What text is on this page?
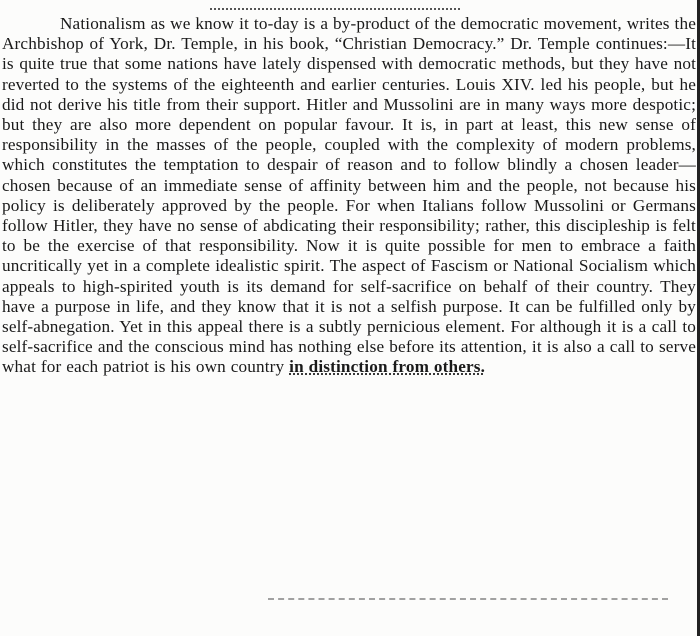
Nationalism as we know it to-day is a by-product of the democratic movement, writes the Archbishop of York, Dr. Temple, in his book, “Christian Democracy.” Dr. Temple continues:—It is quite true that some nations have lately dispensed with democratic methods, but they have not reverted to the systems of the eighteenth and earlier centuries. Louis XIV. led his people, but he did not derive his title from their support. Hitler and Mussolini are in many ways more despotic; but they are also more dependent on popular favour. It is, in part at least, this new sense of responsibility in the masses of the people, coupled with the complexity of modern problems, which constitutes the temptation to despair of reason and to follow blindly a chosen leader—chosen because of an immediate sense of affinity between him and the people, not because his policy is deliberately approved by the people. For when Italians follow Mussolini or Germans follow Hitler, they have no sense of abdicating their responsibility; rather, this discipleship is felt to be the exercise of that responsibility. Now it is quite possible for men to embrace a faith uncritically yet in a complete idealistic spirit. The aspect of Fascism or National Socialism which appeals to high-spirited youth is its demand for self-sacrifice on behalf of their country. They have a purpose in life, and they know that it is not a selfish purpose. It can be fulfilled only by self-abnegation. Yet in this appeal there is a subtly pernicious element. For although it is a call to self-sacrifice and the conscious mind has nothing else before its attention, it is also a call to serve what for each patriot is his own country in distinction from others.
